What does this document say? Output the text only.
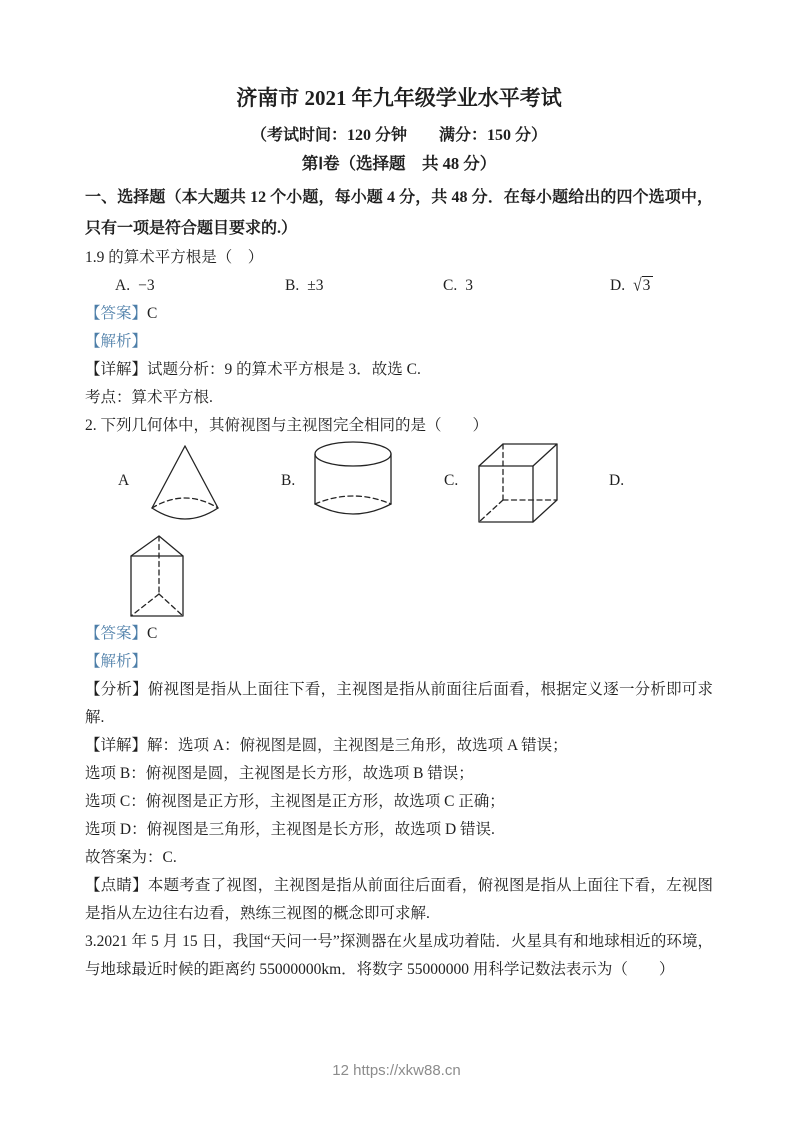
济南市 2021 年九年级学业水平考试
（考试时间：120 分钟　　满分：150 分）
第Ⅰ卷（选择题　共 48 分）

一、选择题（本大题共 12 个小题，每小题 4 分，共 48 分．在每小题给出的四个选项中，只有一项是符合题目要求的.）

1.9 的算术平方根是（　）

A. −3	B. ±3	C. 3	D. √3

【答案】C

【解析】

【详解】试题分析：9 的算术平方根是 3．故选 C.

考点：算术平方根.

2. 下列几何体中，其俯视图与主视图完全相同的是（　　）

A	B.	C.	D.

【答案】C

【解析】

【分析】俯视图是指从上面往下看，主视图是指从前面往后面看，根据定义逐一分析即可求解.

【详解】解：选项 A：俯视图是圆，主视图是三角形，故选项 A 错误；

选项 B：俯视图是圆，主视图是长方形，故选项 B 错误；

选项 C：俯视图是正方形，主视图是正方形，故选项 C 正确；

选项 D：俯视图是三角形，主视图是长方形，故选项 D 错误.

故答案为：C.

【点睛】本题考查了视图，主视图是指从前面往后面看，俯视图是指从上面往下看，左视图是指从左边往右边看，熟练三视图的概念即可求解.

3.2021 年 5 月 15 日，我国“天问一号”探测器在火星成功着陆．火星具有和地球相近的环境，与地球最近时候的距离约 55000000km．将数字 55000000 用科学记数法表示为（　　）

12 https://xkw88.cn
